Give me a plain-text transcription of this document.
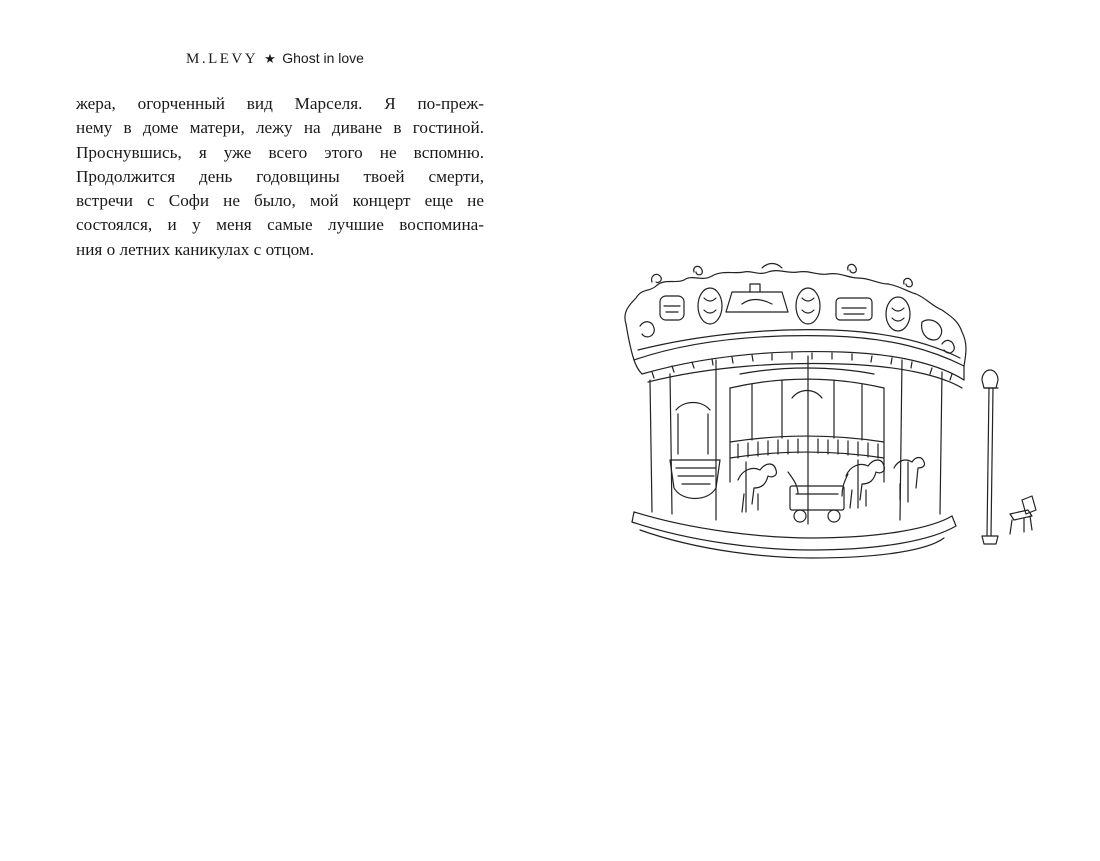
M.LEVY ★ Ghost in love
жера, огорченный вид Марселя. Я по-преж-
нему в доме матери, лежу на диване в гостиной.
Проснувшись, я уже всего этого не вспомню.
Продолжится день годовщины твоей смерти,
встречи с Софи не было, мой концерт еще не
состоялся, и у меня самые лучшие воспомина-
ния о летних каникулах с отцом.
